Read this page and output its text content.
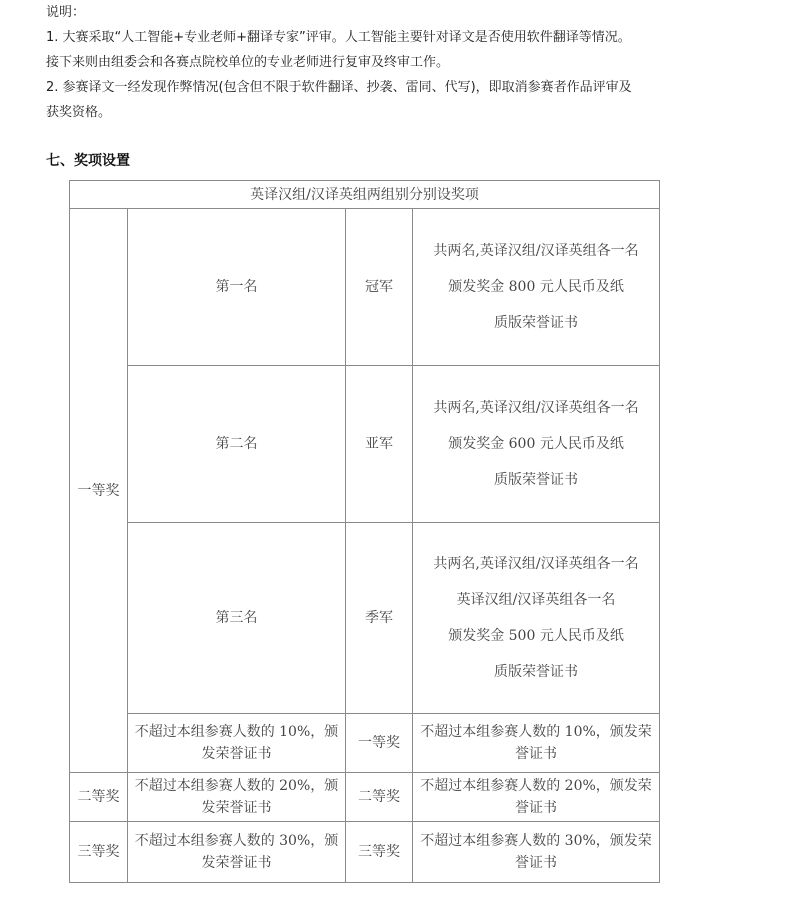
说明：

1. 大赛采取“人工智能+专业老师+翻译专家”评审。人工智能主要针对译文是否使用软件翻译等情况。

接下来则由组委会和各赛点院校单位的专业老师进行复审及终审工作。

2. 参赛译文一经发现作弊情况(包含但不限于软件翻译、抄袭、雷同、代写)，即取消参赛者作品评审及

获奖资格。

七、奖项设置
英译汉组/汉译英组两组别分别设奖项			
一等奖	第一名	冠军	共两名,英译汉组/汉译英组各一名

颁发奖金 800 元人民币及纸

质版荣誉证书

	第二名	亚军	共两名,英译汉组/汉译英组各一名

颁发奖金 600 元人民币及纸

质版荣誉证书

	第三名	季军	共两名,英译汉组/汉译英组各一名

英译汉组/汉译英组各一名

颁发奖金 500 元人民币及纸

质版荣誉证书

	不超过本组参赛人数的 10%，颁发荣誉证书	一等奖	不超过本组参赛人数的 10%，颁发荣誉证书
二等奖	不超过本组参赛人数的 20%，颁发荣誉证书	二等奖	不超过本组参赛人数的 20%，颁发荣誉证书
三等奖	不超过本组参赛人数的 30%，颁发荣誉证书	三等奖	不超过本组参赛人数的 30%，颁发荣誉证书
